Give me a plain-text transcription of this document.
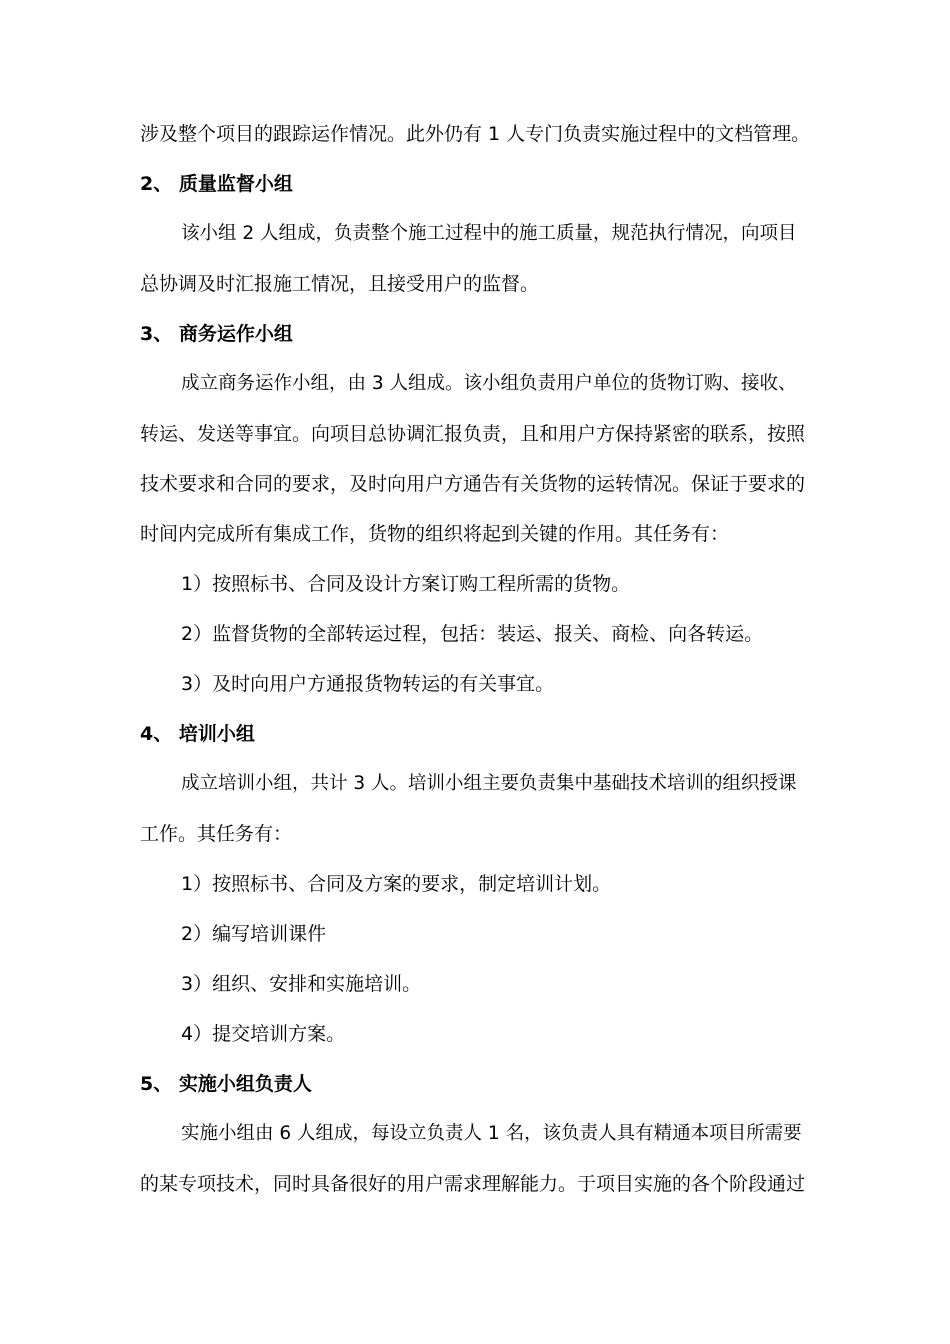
涉及整个项目的跟踪运作情况。此外仍有 1 人专门负责实施过程中的文档管理。
2、 质量监督小组
该小组 2 人组成，负责整个施工过程中的施工质量，规范执行情况，向项目
总协调及时汇报施工情况，且接受用户的监督。
3、 商务运作小组
成立商务运作小组，由 3 人组成。该小组负责用户单位的货物订购、接收、
转运、发送等事宜。向项目总协调汇报负责，且和用户方保持紧密的联系，按照
技术要求和合同的要求，及时向用户方通告有关货物的运转情况。保证于要求的
时间内完成所有集成工作，货物的组织将起到关键的作用。其任务有：
1）按照标书、合同及设计方案订购工程所需的货物。
2）监督货物的全部转运过程，包括：装运、报关、商检、向各转运。
3）及时向用户方通报货物转运的有关事宜。
4、 培训小组
成立培训小组，共计 3 人。培训小组主要负责集中基础技术培训的组织授课
工作。其任务有：
1）按照标书、合同及方案的要求，制定培训计划。
2）编写培训课件
3）组织、安排和实施培训。
4）提交培训方案。
5、 实施小组负责人
实施小组由 6 人组成，每设立负责人 1 名，该负责人具有精通本项目所需要
的某专项技术，同时具备很好的用户需求理解能力。于项目实施的各个阶段通过
